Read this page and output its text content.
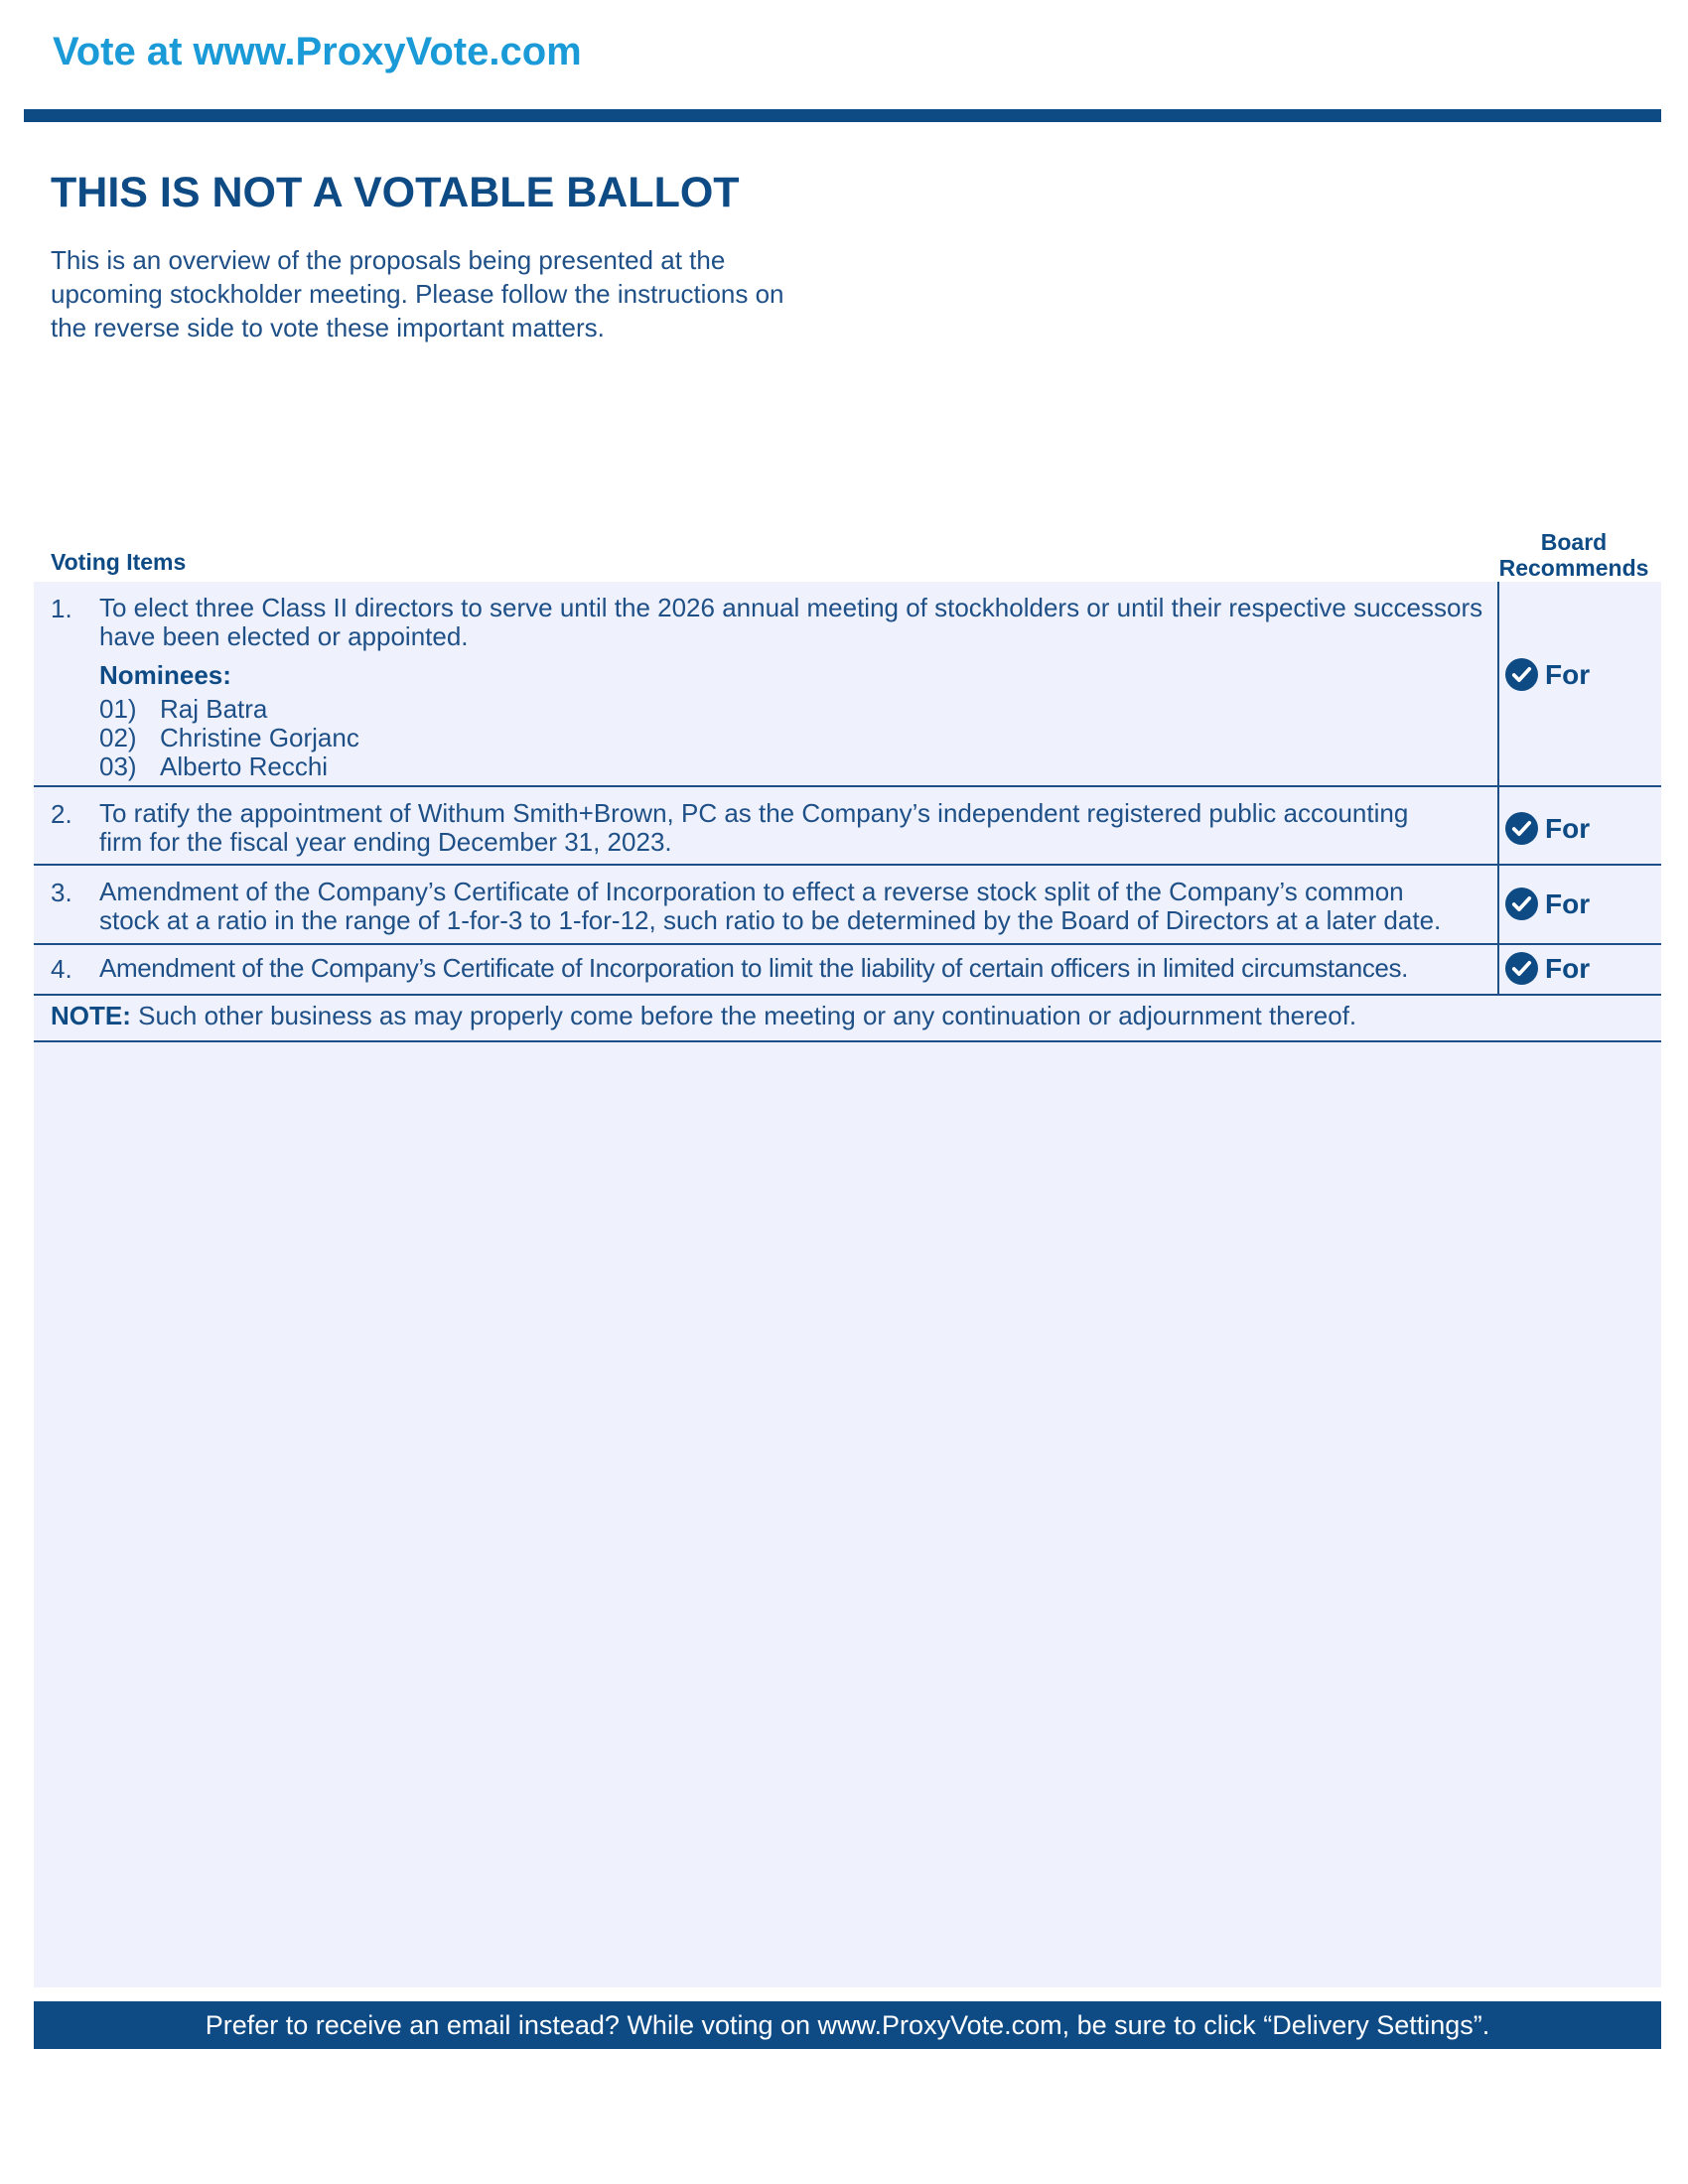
Vote at www.ProxyVote.com
THIS IS NOT A VOTABLE BALLOT
This is an overview of the proposals being presented at the
upcoming stockholder meeting. Please follow the instructions on
the reverse side to vote these important matters.
Voting Items
Board
Recommends
1. To elect three Class II directors to serve until the 2026 annual meeting of stockholders or until their respective successors
have been elected or appointed.
Nominees:
01) Raj Batra
02) Christine Gorjanc
03) Alberto Recchi
For
2. To ratify the appointment of Withum Smith+Brown, PC as the Company’s independent registered public accounting
firm for the fiscal year ending December 31, 2023.	For
3. Amendment of the Company’s Certificate of Incorporation to effect a reverse stock split of the Company’s common
stock at a ratio in the range of 1-for-3 to 1-for-12, such ratio to be determined by the Board of Directors at a later date.
For
4. Amendment of the Company’s Certificate of Incorporation to limit the liability of certain officers in limited circumstances.	For
NOTE: Such other business as may properly come before the meeting or any continuation or adjournment thereof.
Prefer to receive an email instead? While voting on www.ProxyVote.com, be sure to click “Delivery Settings”.
